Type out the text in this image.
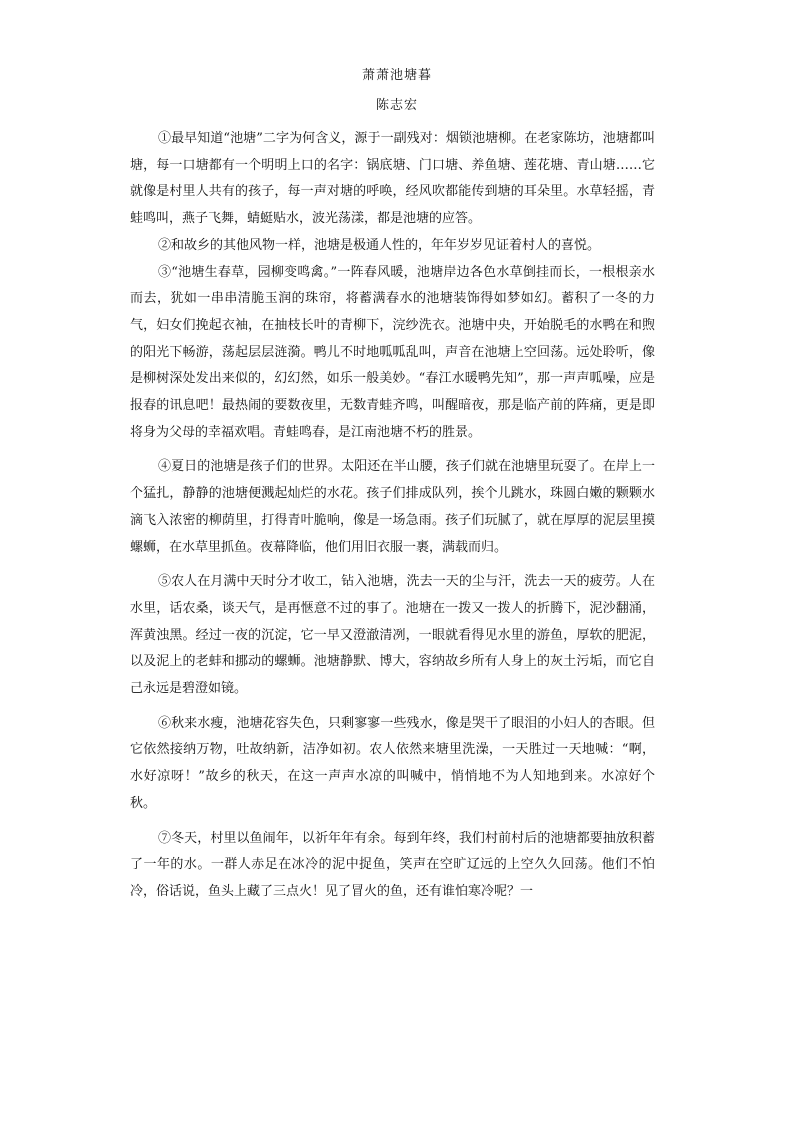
萧萧池塘暮
陈志宏

①最早知道“池塘”二字为何含义，源于一副残对：烟锁池塘柳。在老家陈坊，池塘都叫塘，每一口塘都有一个明明上口的名字：锅底塘、门口塘、养鱼塘、莲花塘、青山塘……它就像是村里人共有的孩子，每一声对塘的呼唤，经风吹都能传到塘的耳朵里。水草轻摇，青蛙鸣叫，燕子飞舞，蜻蜓贴水，波光荡漾，都是池塘的应答。

②和故乡的其他风物一样，池塘是极通人性的，年年岁岁见证着村人的喜悦。

③“池塘生春草，园柳变鸣禽。”一阵春风暖，池塘岸边各色水草倒挂而长，一根根亲水而去，犹如一串串清脆玉润的珠帘，将蓄满春水的池塘装饰得如梦如幻。蓄积了一冬的力气，妇女们挽起衣袖，在抽枝长叶的青柳下，浣纱洗衣。池塘中央，开始脱毛的水鸭在和煦的阳光下畅游，荡起层层涟漪。鸭儿不时地呱呱乱叫，声音在池塘上空回荡。远处聆听，像是柳树深处发出来似的，幻幻然，如乐一般美妙。“春江水暖鸭先知”，那一声声呱噪，应是报春的讯息吧！最热闹的要数夜里，无数青蛙齐鸣，叫醒暗夜，那是临产前的阵痛，更是即将身为父母的幸福欢唱。青蛙鸣春，是江南池塘不朽的胜景。

④夏日的池塘是孩子们的世界。太阳还在半山腰，孩子们就在池塘里玩耍了。在岸上一个猛扎，静静的池塘便溅起灿烂的水花。孩子们排成队列，挨个儿跳水，珠圆白嫩的颗颗水滴飞入浓密的柳荫里，打得青叶脆响，像是一场急雨。孩子们玩腻了，就在厚厚的泥层里摸螺蛳，在水草里抓鱼。夜幕降临，他们用旧衣服一裹，满载而归。

⑤农人在月满中天时分才收工，钻入池塘，洗去一天的尘与汗，洗去一天的疲劳。人在水里，话农桑，谈天气，是再惬意不过的事了。池塘在一拨又一拨人的折腾下，泥沙翻涌，浑黄浊黑。经过一夜的沉淀，它一早又澄澈清冽，一眼就看得见水里的游鱼，厚软的肥泥，以及泥上的老蚌和挪动的螺蛳。池塘静默、博大，容纳故乡所有人身上的灰土污垢，而它自己永远是碧澄如镜。

⑥秋来水瘦，池塘花容失色，只剩寥寥一些残水，像是哭干了眼泪的小妇人的杏眼。但它依然接纳万物，吐故纳新，洁净如初。农人依然来塘里洗澡，一天胜过一天地喊：“啊，水好凉呀！”故乡的秋天，在这一声声水凉的叫喊中，悄悄地不为人知地到来。水凉好个秋。

⑦冬天，村里以鱼闹年，以祈年年有余。每到年终，我们村前村后的池塘都要抽放积蓄了一年的水。一群人赤足在冰冷的泥中捉鱼，笑声在空旷辽远的上空久久回荡。他们不怕冷，俗话说，鱼头上藏了三点火！见了冒火的鱼，还有谁怕寒冷呢？一
